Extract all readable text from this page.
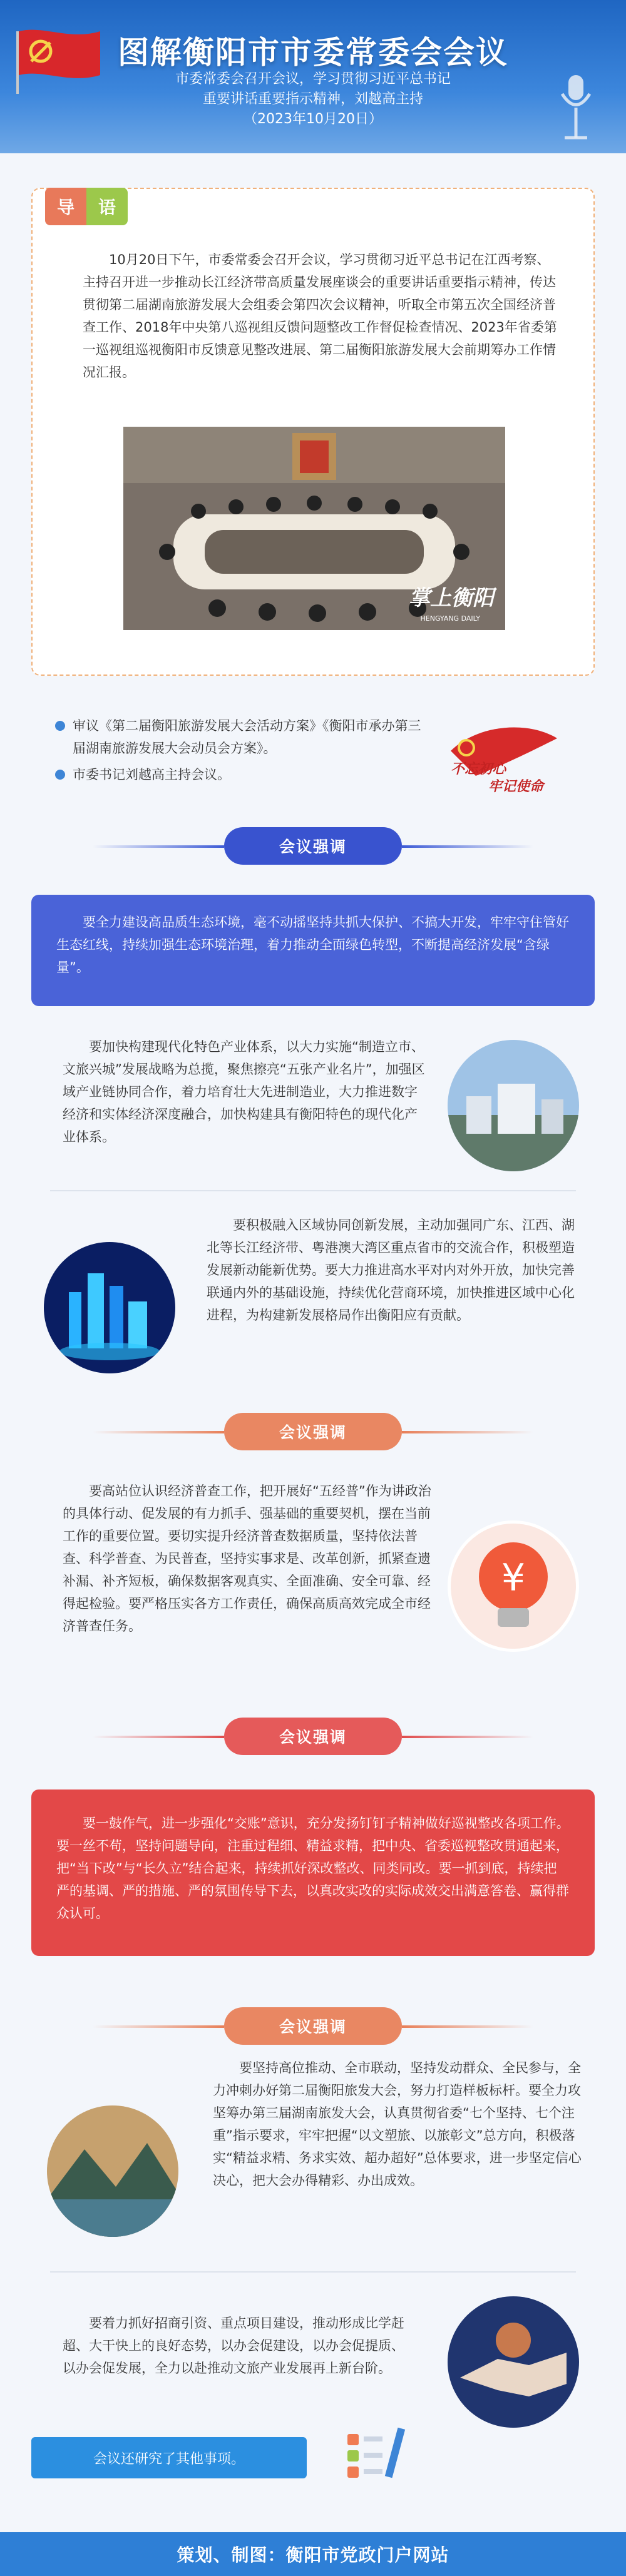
图解衡阳市市委常委会会议
市委常委会召开会议，学习贯彻习近平总书记
重要讲话重要指示精神，刘越高主持
（2023年10月20日）
导	语

10月20日下午，市委常委会召开会议，学习贯彻习近平总书记在江西考察、主持召开进一步推动长江经济带高质量发展座谈会的重要讲话重要指示精神，传达贯彻第二届湖南旅游发展大会组委会第四次会议精神，听取全市第五次全国经济普查工作、2018年中央第八巡视组反馈问题整改工作督促检查情况、2023年省委第一巡视组巡视衡阳市反馈意见整改进展、第二届衡阳旅游发展大会前期筹办工作情况汇报。

掌上衡阳
HENGYANG DAILY
审议《第二届衡阳旅游发展大会活动方案》《衡阳市承办第三届湖南旅游发展大会动员会方案》。
市委书记刘越高主持会议。	不忘初心
牢记使命
会议强调
要全力建设高品质生态环境，毫不动摇坚持共抓大保护、不搞大开发，牢牢守住管好生态红线，持续加强生态环境治理，着力推动全面绿色转型，不断提高经济发展“含绿量”。

要加快构建现代化特色产业体系，以大力实施“制造立市、文旅兴城”发展战略为总揽，聚焦擦亮“五张产业名片”，加强区域产业链协同合作，着力培育壮大先进制造业，大力推进数字经济和实体经济深度融合，加快构建具有衡阳特色的现代化产业体系。

要积极融入区域协同创新发展，主动加强同广东、江西、湖北等长江经济带、粤港澳大湾区重点省市的交流合作，积极塑造发展新动能新优势。要大力推进高水平对内对外开放，加快完善联通内外的基础设施，持续优化营商环境，加快推进区域中心化进程，为构建新发展格局作出衡阳应有贡献。

会议强调

要高站位认识经济普查工作，把开展好“五经普”作为讲政治的具体行动、促发展的有力抓手、强基础的重要契机，摆在当前工作的重要位置。要切实提升经济普查数据质量，坚持依法普查、科学普查、为民普查，坚持实事求是、改革创新，抓紧查遗补漏、补齐短板，确保数据客观真实、全面准确、安全可靠、经得起检验。要严格压实各方工作责任，确保高质高效完成全市经济普查任务。

¥
会议强调
要一鼓作气，进一步强化“交账”意识，充分发扬钉钉子精神做好巡视整改各项工作。要一丝不苟，坚持问题导向，注重过程细、精益求精，把中央、省委巡视整改贯通起来，把“当下改”与“长久立”结合起来，持续抓好深改整改、同类同改。要一抓到底，持续把严的基调、严的措施、严的氛围传导下去，以真改实改的实际成效交出满意答卷、赢得群众认可。
会议强调

要坚持高位推动、全市联动，坚持发动群众、全民参与，全力冲刺办好第二届衡阳旅发大会，努力打造样板标杆。要全力攻坚筹办第三届湖南旅发大会，认真贯彻省委“七个坚持、七个注重”指示要求，牢牢把握“以文塑旅、以旅彰文”总方向，积极落实“精益求精、务求实效、超办超好”总体要求，进一步坚定信心决心，把大会办得精彩、办出成效。

要着力抓好招商引资、重点项目建设，推动形成比学赶超、大干快上的良好态势，以办会促建设，以办会促提质、以办会促发展，全力以赴推动文旅产业发展再上新台阶。

会议还研究了其他事项。
策划、制图：衡阳市党政门户网站
